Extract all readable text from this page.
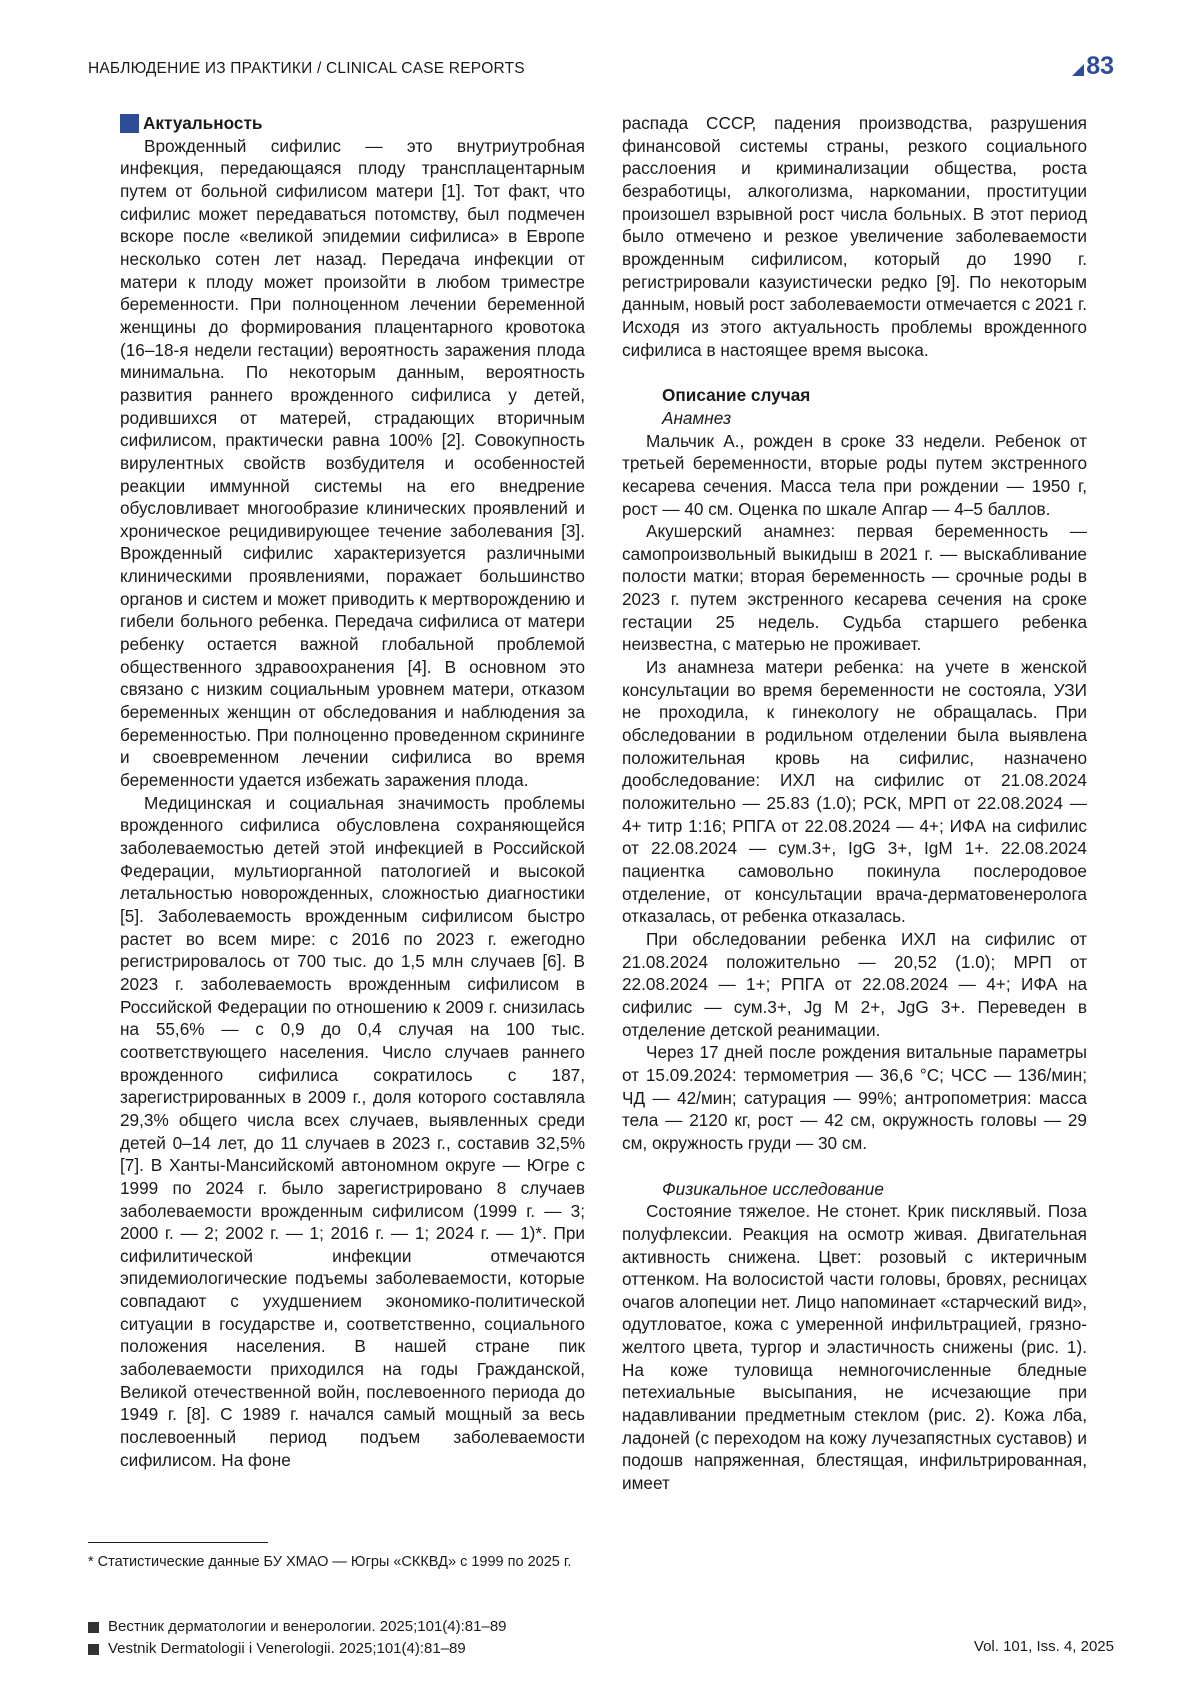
НАБЛЮДЕНИЕ ИЗ ПРАКТИКИ / CLINICAL CASE REPORTS	83
Актуальность

Врожденный сифилис — это внутриутробная инфекция, передающаяся плоду трансплацентарным путем от больной сифилисом матери [1]. Тот факт, что сифилис может передаваться потомству, был подмечен вскоре после «великой эпидемии сифилиса» в Европе несколько сотен лет назад. Передача инфекции от матери к плоду может произойти в любом триместре беременности. При полноценном лечении беременной женщины до формирования плацентарного кровотока (16–18-я недели гестации) вероятность заражения плода минимальна. По некоторым данным, вероятность развития раннего врожденного сифилиса у детей, родившихся от матерей, страдающих вторичным сифилисом, практически равна 100% [2]. Совокупность вирулентных свойств возбудителя и особенностей реакции иммунной системы на его внедрение обусловливает многообразие клинических проявлений и хроническое рецидивирующее течение заболевания [3]. Врожденный сифилис характеризуется различными клиническими проявлениями, поражает большинство органов и систем и может приводить к мертворождению и гибели больного ребенка. Передача сифилиса от матери ребенку остается важной глобальной проблемой общественного здравоохранения [4]. В основном это связано с низким социальным уровнем матери, отказом беременных женщин от обследования и наблюдения за беременностью. При полноценно проведенном скрининге и своевременном лечении сифилиса во время беременности удается избежать заражения плода.

Медицинская и социальная значимость проблемы врожденного сифилиса обусловлена сохраняющейся заболеваемостью детей этой инфекцией в Российской Федерации, мультиорганной патологией и высокой летальностью новорожденных, сложностью диагностики [5]. Заболеваемость врожденным сифилисом быстро растет во всем мире: с 2016 по 2023 г. ежегодно регистрировалось от 700 тыс. до 1,5 млн случаев [6]. В 2023 г. заболеваемость врожденным сифилисом в Российской Федерации по отношению к 2009 г. снизилась на 55,6% — с 0,9 до 0,4 случая на 100 тыс. соответствующего населения. Число случаев раннего врожденного сифилиса сократилось с 187, зарегистрированных в 2009 г., доля которого составляла 29,3% общего числа всех случаев, выявленных среди детей 0–14 лет, до 11 случаев в 2023 г., составив 32,5% [7]. В Ханты-Мансийскомй автономном округе — Югре с 1999 по 2024 г. было зарегистрировано 8 случаев заболеваемости врожденным сифилисом (1999 г. — 3; 2000 г. — 2; 2002 г. — 1; 2016 г. — 1; 2024 г. — 1)*. При сифилитической инфекции отмечаются эпидемиологические подъемы заболеваемости, которые совпадают с ухудшением экономико-политической ситуации в государстве и, соответственно, социального положения населения. В нашей стране пик заболеваемости приходился на годы Гражданской, Великой отечественной войн, послевоенного периода до 1949 г. [8]. С 1989 г. начался самый мощный за весь послевоенный период подъем заболеваемости сифилисом. На фоне

распада СССР, падения производства, разрушения финансовой системы страны, резкого социального расслоения и криминализации общества, роста безработицы, алкоголизма, наркомании, проституции произошел взрывной рост числа больных. В этот период было отмечено и резкое увеличение заболеваемости врожденным сифилисом, который до 1990 г. регистрировали казуистически редко [9]. По некоторым данным, новый рост заболеваемости отмечается с 2021 г. Исходя из этого актуальность проблемы врожденного сифилиса в настоящее время высока.

Описание случая
Анамнез

Мальчик А., рожден в сроке 33 недели. Ребенок от третьей беременности, вторые роды путем экстренного кесарева сечения. Масса тела при рождении — 1950 г, рост — 40 см. Оценка по шкале Апгар — 4–5 баллов.

Акушерский анамнез: первая беременность — самопроизвольный выкидыш в 2021 г. — выскабливание полости матки; вторая беременность — срочные роды в 2023 г. путем экстренного кесарева сечения на сроке гестации 25 недель. Судьба старшего ребенка неизвестна, с матерью не проживает.

Из анамнеза матери ребенка: на учете в женской консультации во время беременности не состояла, УЗИ не проходила, к гинекологу не обращалась. При обследовании в родильном отделении была выявлена положительная кровь на сифилис, назначено дообследование: ИХЛ на сифилис от 21.08.2024 положительно — 25.83 (1.0); РСК, МРП от 22.08.2024 — 4+ титр 1:16; РПГА от 22.08.2024 — 4+; ИФА на сифилис от 22.08.2024 — сум.3+, IgG 3+, IgM 1+. 22.08.2024 пациентка самовольно покинула послеродовое отделение, от консультации врача-дерматовенеролога отказалась, от ребенка отказалась.

При обследовании ребенка ИХЛ на сифилис от 21.08.2024 положительно — 20,52 (1.0); МРП от 22.08.2024 — 1+; РПГА от 22.08.2024 — 4+; ИФА на сифилис — сум.3+, Jg M 2+, JgG 3+. Переведен в отделение детской реанимации.

Через 17 дней после рождения витальные параметры от 15.09.2024: термометрия — 36,6 °С; ЧСС — 136/мин; ЧД — 42/мин; сатурация — 99%; антропометрия: масса тела — 2120 кг, рост — 42 см, окружность головы — 29 см, окружность груди — 30 см.

Физикальное исследование

Состояние тяжелое. Не стонет. Крик писклявый. Поза полуфлексии. Реакция на осмотр живая. Двигательная активность снижена. Цвет: розовый с иктеричным оттенком. На волосистой части головы, бровях, ресницах очагов алопеции нет. Лицо напоминает «старческий вид», одутловатое, кожа с умеренной инфильтрацией, грязно-желтого цвета, тургор и эластичность снижены (рис. 1). На коже туловища немногочисленные бледные петехиальные высыпания, не исчезающие при надавливании предметным стеклом (рис. 2). Кожа лба, ладоней (с переходом на кожу лучезапястных суставов) и подошв напряженная, блестящая, инфильтрированная, имеет

* Статистические данные БУ ХМАО — Югры «СККВД» с 1999 по 2025 г.
Вестник дерматологии и венерологии. 2025;101(4):81–89
Vestnik Dermatologii i Venerologii. 2025;101(4):81–89	Vol. 101, Iss. 4, 2025
